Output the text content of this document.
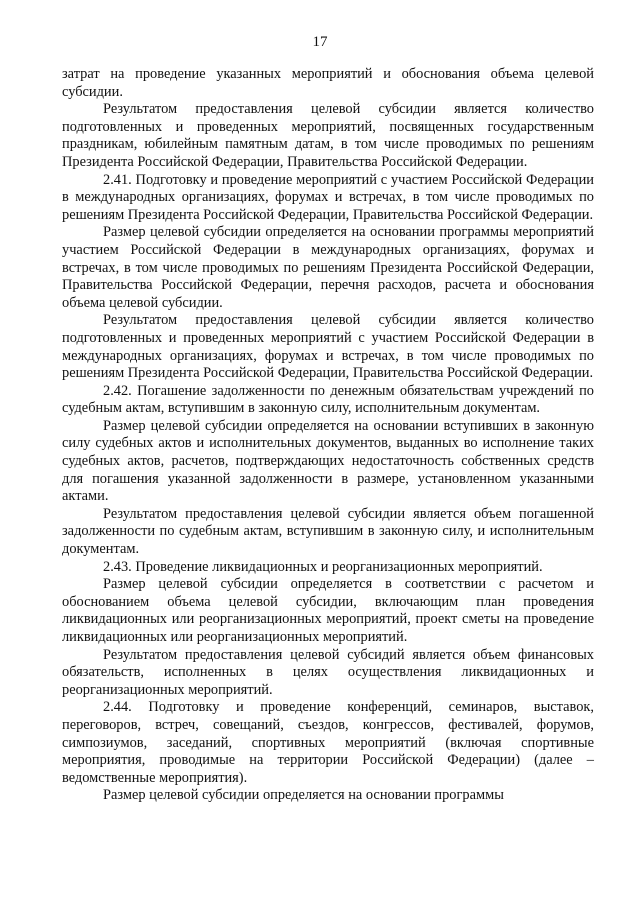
17

затрат на проведение указанных мероприятий и обоснования объема целевой субсидии.

Результатом предоставления целевой субсидии является количество подготовленных и проведенных мероприятий, посвященных государственным праздникам, юбилейным памятным датам, в том числе проводимых по решениям Президента Российской Федерации, Правительства Российской Федерации.

2.41. Подготовку и проведение мероприятий с участием Российской Федерации в международных организациях, форумах и встречах, в том числе проводимых по решениям Президента Российской Федерации, Правительства Российской Федерации.

Размер целевой субсидии определяется на основании программы мероприятий участием Российской Федерации в международных организациях, форумах и встречах, в том числе проводимых по решениям Президента Российской Федерации, Правительства Российской Федерации, перечня расходов, расчета и обоснования объема целевой субсидии.

Результатом предоставления целевой субсидии является количество подготовленных и проведенных мероприятий с участием Российской Федерации в международных организациях, форумах и встречах, в том числе проводимых по решениям Президента Российской Федерации, Правительства Российской Федерации.

2.42. Погашение задолженности по денежным обязательствам учреждений по судебным актам, вступившим в законную силу, исполнительным документам.

Размер целевой субсидии определяется на основании вступивших в законную силу судебных актов и исполнительных документов, выданных во исполнение таких судебных актов, расчетов, подтверждающих недостаточность собственных средств для погашения указанной задолженности в размере, установленном указанными актами.

Результатом предоставления целевой субсидии является объем погашенной задолженности по судебным актам, вступившим в законную силу, и исполнительным документам.

2.43. Проведение ликвидационных и реорганизационных мероприятий.

Размер целевой субсидии определяется в соответствии с расчетом и обоснованием объема целевой субсидии, включающим план проведения ликвидационных или реорганизационных мероприятий, проект сметы на проведение ликвидационных или реорганизационных мероприятий.

Результатом предоставления целевой субсидий является объем финансовых обязательств, исполненных в целях осуществления ликвидационных и реорганизационных мероприятий.

2.44. Подготовку и проведение конференций, семинаров, выставок, переговоров, встреч, совещаний, съездов, конгрессов, фестивалей, форумов, симпозиумов, заседаний, спортивных мероприятий (включая спортивные мероприятия, проводимые на территории Российской Федерации) (далее – ведомственные мероприятия).

Размер целевой субсидии определяется на основании программы
